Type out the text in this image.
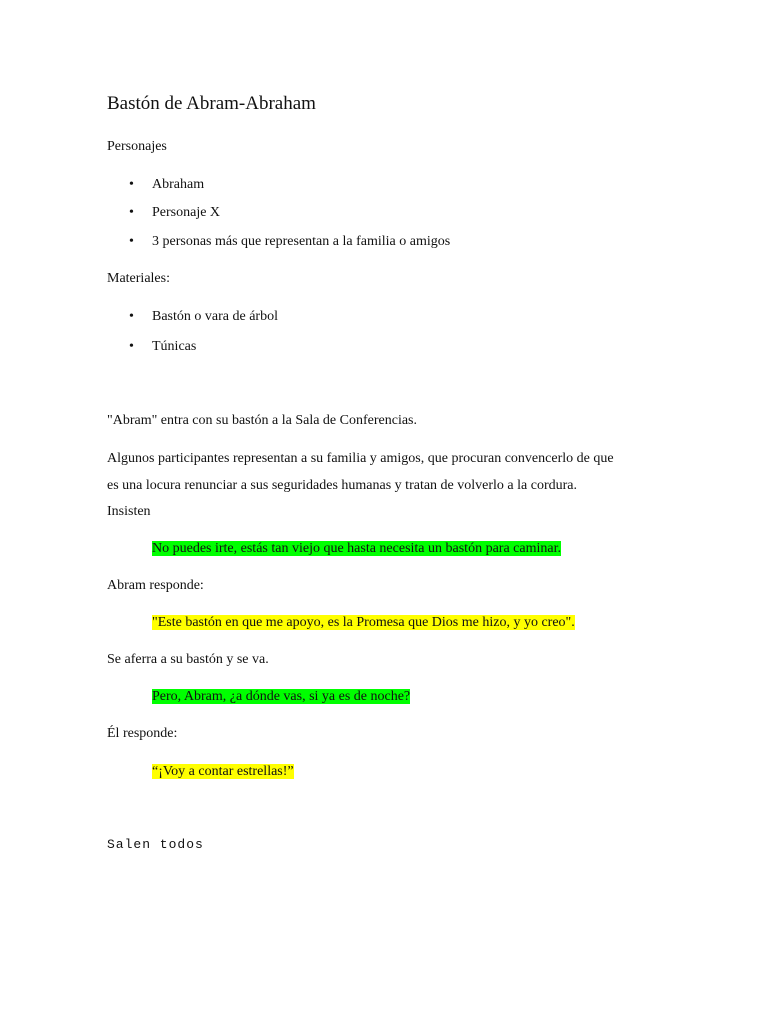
Bastón de Abram-Abraham
Personajes
• Abraham
• Personaje X
• 3 personas más que representan a la familia o amigos
Materiales:
• Bastón o vara de árbol
• Túnicas
"Abram" entra con su bastón a la Sala de Conferencias.
Algunos participantes representan a su familia y amigos, que procuran convencerlo de que
es una locura renunciar a sus seguridades humanas y tratan de volverlo a la cordura.
Insisten
No puedes irte, estás tan viejo que hasta necesita un bastón para caminar.
Abram responde:
"Este bastón en que me apoyo, es la Promesa que Dios me hizo, y yo creo".
Se aferra a su bastón y se va.
Pero, Abram, ¿a dónde vas, si ya es de noche?
Él responde:
“¡Voy a contar estrellas!”
Salen todos
